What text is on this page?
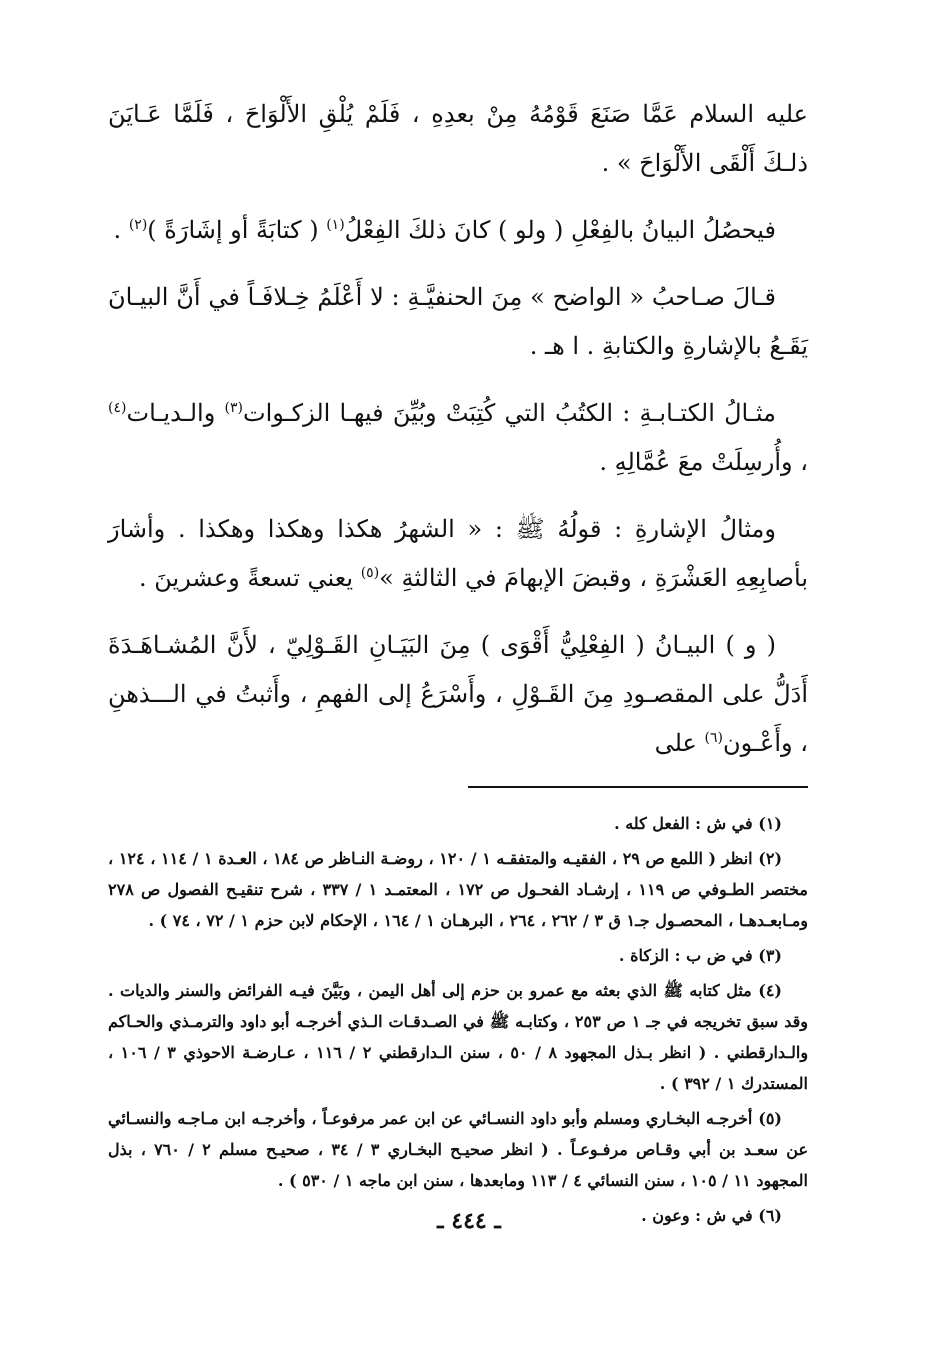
عليه السلام عَمَّا صَنَعَ قَوْمُهُ مِنْ بعدِهِ ، فَلَمْ يُلْقِ الأَلْوَاحَ ، فَلَمَّا عَـايَنَ ذلـكَ أَلْقَى الأَلْوَاحَ » .

فيحصُلُ البيانُ بالفِعْلِ ( ولو ) كانَ ذلكَ الفِعْلُ$^{(١)}$ ( كتابَةً أو إشَارَةً )$^{(٢)}$ .

قـالَ صـاحبُ « الواضح » مِنَ الحنفيَّـةِ : لا أَعْلَمُ خِـلافَـاً في أَنَّ البيـانَ يَقَـعُ بالإشارةِ والكتابةِ . ا هـ .

مثـالُ الكتـابـةِ : الكتُبُ التي كُتِبَتْ وبُيِّنَ فيهـا الزكـوات$^{(٣)}$ والـديـات$^{(٤)}$ ، وأُرسِلَتْ معَ عُمَّالِهِ .

ومثالُ الإشارةِ : قولُهُ ﷺ : « الشهرُ هكذا وهكذا وهكذا . وأشارَ بأصابِعِهِ العَشْرَةِ ، وقبضَ الإبهامَ في الثالثةِ »$^{(٥)}$ يعني تسعةً وعشرينَ .

( و ) البيـانُ ( الفِعْلِيُّ أَقْوَى ) مِنَ البَيَـانِ القَـوْلِيّ ، لأَنَّ المُشـاهَـدَةَ أَدَلُّ على المقصـودِ مِنَ القَـوْلِ ، وأَسْرَعُ إلى الفهمِ ، وأَثبتُ في الـــذهنِ ، وأَعْـون$^{(٦)}$ على

(١) في ش : الفعل كله .

(٢) انظر ( اللمع ص ٢٩ ، الفقيـه والمتفقـه ١ / ١٢٠ ، روضـة النـاظر ص ١٨٤ ، العـدة ١ / ١١٤ ، ١٢٤ ، مختصر الطـوفي ص ١١٩ ، إرشـاد الفحـول ص ١٧٢ ، المعتمـد ١ / ٣٣٧ ، شرح تنقيـح الفصول ص ٢٧٨ ومـابعـدهـا ، المحصـول جـ١ ق ٣ / ٢٦٢ ، ٢٦٤ ، البرهـان ١ / ١٦٤ ، الإحكام لابن حزم ١ / ٧٢ ، ٧٤ ) .

(٣) في ض ب : الزكاة .

(٤) مثل كتابه ﷺ الذي بعثه مع عمرو بن حزم إلى أهل اليمن ، وبَيَّنَ فيـه الفرائض والسنر والديات . وقد سبق تخريجه في جـ ١ ص ٢٥٣ ، وكتابـه ﷺ في الصـدقـات الـذي أخرجـه أبو داود والترمـذي والحـاكم والـدارقطني . ( انظر بـذل المجهود ٨ / ٥٠ ، سنن الـدارقطني ٢ / ١١٦ ، عـارضـة الاحوذي ٣ / ١٠٦ ، المستدرك ١ / ٣٩٢ ) .

(٥) أخرجـه البخـاري ومسلم وأبو داود النسـائي عن ابن عمر مرفوعـاً ، وأخرجـه ابن مـاجـه والنسـائي عن سعـد بن أبي وقـاص مرفـوعـاً . ( انظر صحيـح البخـاري ٣ / ٣٤ ، صحيـح مسلم ٢ / ٧٦٠ ، بذل المجهود ١١ / ١٠٥ ، سنن النسائي ٤ / ١١٣ ومابعدها ، سنن ابن ماجه ١ / ٥٣٠ ) .

(٦) في ش : وعون .

ـ ٤٤٤ ـ
